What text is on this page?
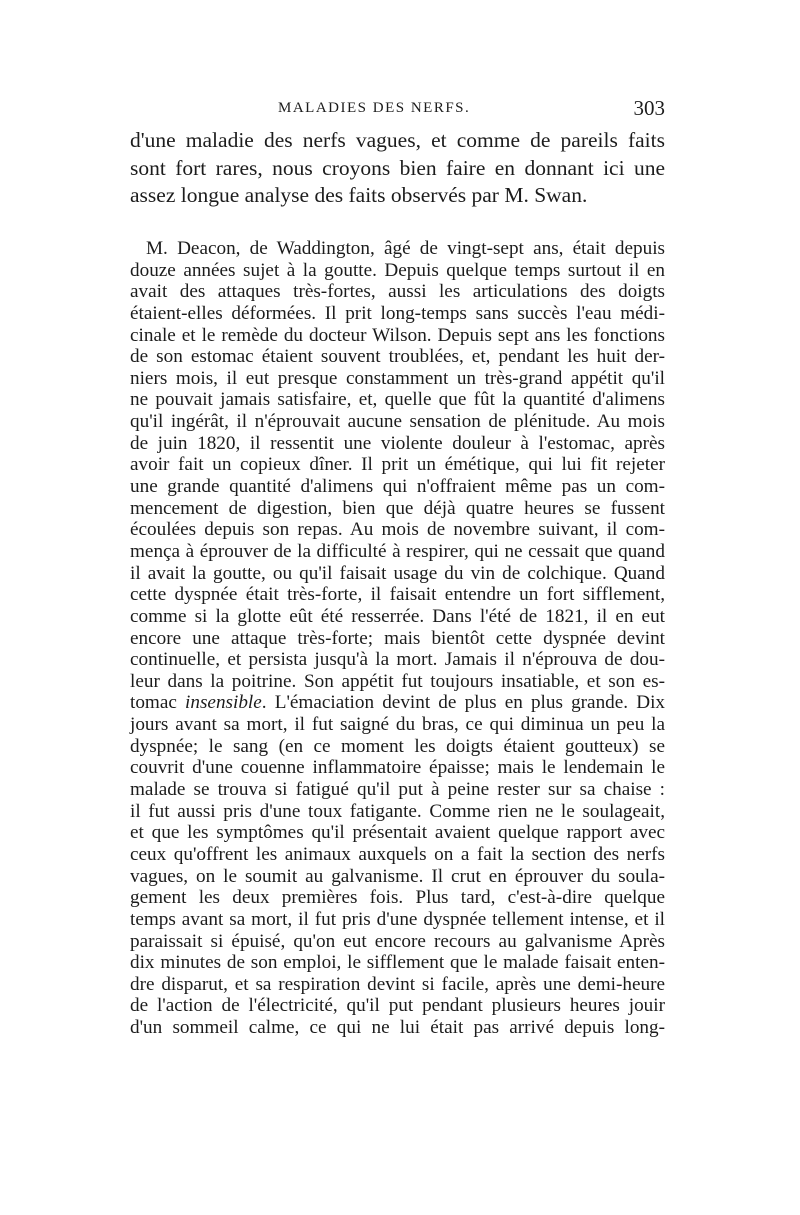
MALADIES DES NERFS.	303
d'une maladie des nerfs vagues, et comme de pareils faits
sont fort rares, nous croyons bien faire en donnant ici une
assez longue analyse des faits observés par M. Swan.
M. Deacon, de Waddington, âgé de vingt-sept ans, était depuis
douze années sujet à la goutte. Depuis quelque temps surtout il en
avait des attaques très-fortes, aussi les articulations des doigts
étaient-elles déformées. Il prit long-temps sans succès l'eau médi-
cinale et le remède du docteur Wilson. Depuis sept ans les fonctions
de son estomac étaient souvent troublées, et, pendant les huit der-
niers mois, il eut presque constamment un très-grand appétit qu'il
ne pouvait jamais satisfaire, et, quelle que fût la quantité d'alimens
qu'il ingérât, il n'éprouvait aucune sensation de plénitude. Au mois
de juin 1820, il ressentit une violente douleur à l'estomac, après
avoir fait un copieux dîner. Il prit un émétique, qui lui fit rejeter
une grande quantité d'alimens qui n'offraient même pas un com-
mencement de digestion, bien que déjà quatre heures se fussent
écoulées depuis son repas. Au mois de novembre suivant, il com-
mença à éprouver de la difficulté à respirer, qui ne cessait que quand
il avait la goutte, ou qu'il faisait usage du vin de colchique. Quand
cette dyspnée était très-forte, il faisait entendre un fort sifflement,
comme si la glotte eût été resserrée. Dans l'été de 1821, il en eut
encore une attaque très-forte; mais bientôt cette dyspnée devint
continuelle, et persista jusqu'à la mort. Jamais il n'éprouva de dou-
leur dans la poitrine. Son appétit fut toujours insatiable, et son es-
tomac insensible. L'émaciation devint de plus en plus grande. Dix
jours avant sa mort, il fut saigné du bras, ce qui diminua un peu la
dyspnée; le sang (en ce moment les doigts étaient goutteux) se
couvrit d'une couenne inflammatoire épaisse; mais le lendemain le
malade se trouva si fatigué qu'il put à peine rester sur sa chaise :
il fut aussi pris d'une toux fatigante. Comme rien ne le soulageait,
et que les symptômes qu'il présentait avaient quelque rapport avec
ceux qu'offrent les animaux auxquels on a fait la section des nerfs
vagues, on le soumit au galvanisme. Il crut en éprouver du soula-
gement les deux premières fois. Plus tard, c'est-à-dire quelque
temps avant sa mort, il fut pris d'une dyspnée tellement intense, et il
paraissait si épuisé, qu'on eut encore recours au galvanisme Après
dix minutes de son emploi, le sifflement que le malade faisait enten-
dre disparut, et sa respiration devint si facile, après une demi-heure
de l'action de l'électricité, qu'il put pendant plusieurs heures jouir
d'un sommeil calme, ce qui ne lui était pas arrivé depuis long-
